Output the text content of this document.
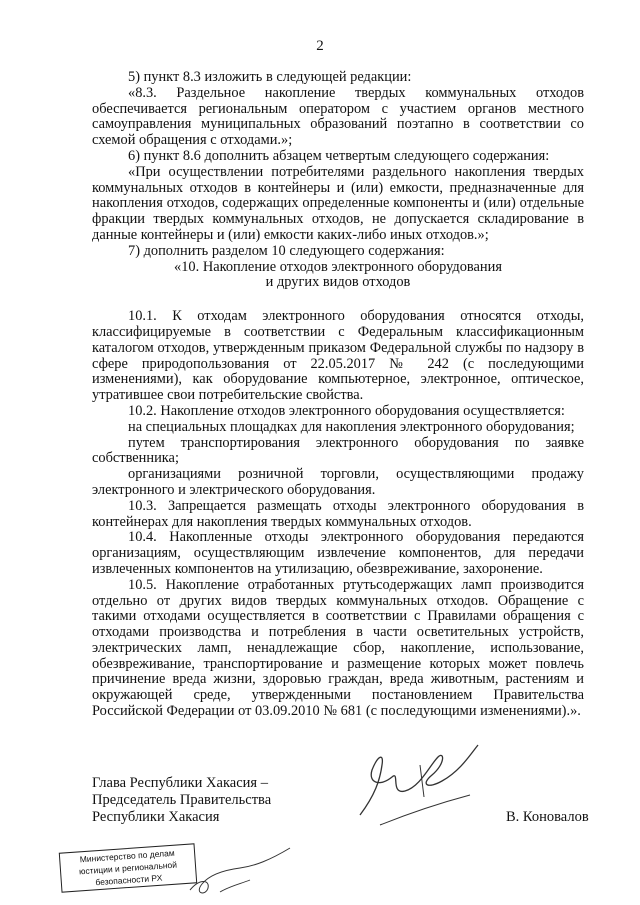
2

5) пункт 8.3 изложить в следующей редакции:

«8.3. Раздельное накопление твердых коммунальных отходов обеспечивается региональным оператором с участием органов местного самоуправления муниципальных образований поэтапно в соответствии со схемой обращения с отходами.»;

6) пункт 8.6 дополнить абзацем четвертым следующего содержания:

«При осуществлении потребителями раздельного накопления твердых коммунальных отходов в контейнеры и (или) емкости, предназначенные для накопления отходов, содержащих определенные компоненты и (или) отдельные фракции твердых коммунальных отходов, не допускается складирование в данные контейнеры и (или) емкости каких-либо иных отходов.»;

7) дополнить разделом 10 следующего содержания:

«10. Накопление отходов электронного оборудования

и других видов отходов

10.1. К отходам электронного оборудования относятся отходы, классифицируемые в соответствии с Федеральным классификационным каталогом отходов, утвержденным приказом Федеральной службы по надзору в сфере природопользования от 22.05.2017 № 242 (с последующими изменениями), как оборудование компьютерное, электронное, оптическое, утратившее свои потребительские свойства.

10.2. Накопление отходов электронного оборудования осуществляется:

на специальных площадках для накопления электронного оборудования;

путем транспортирования электронного оборудования по заявке собственника;

организациями розничной торговли, осуществляющими продажу электронного и электрического оборудования.

10.3. Запрещается размещать отходы электронного оборудования в контейнерах для накопления твердых коммунальных отходов.

10.4. Накопленные отходы электронного оборудования передаются организациям, осуществляющим извлечение компонентов, для передачи извлеченных компонентов на утилизацию, обезвреживание, захоронение.

10.5. Накопление отработанных ртутьсодержащих ламп производится отдельно от других видов твердых коммунальных отходов. Обращение с такими отходами осуществляется в соответствии с Правилами обращения с отходами производства и потребления в части осветительных устройств, электрических ламп, ненадлежащие сбор, накопление, использование, обезвреживание, транспортирование и размещение которых может повлечь причинение вреда жизни, здоровью граждан, вреда животным, растениям и окружающей среде, утвержденными постановлением Правительства Российской Федерации от 03.09.2010 № 681 (с последующими изменениями).».

Глава Республики Хакасия –
Председатель Правительства
Республики Хакасия	В. Коновалов
Министерство по делам
юстиции и региональной
безопасности РХ
